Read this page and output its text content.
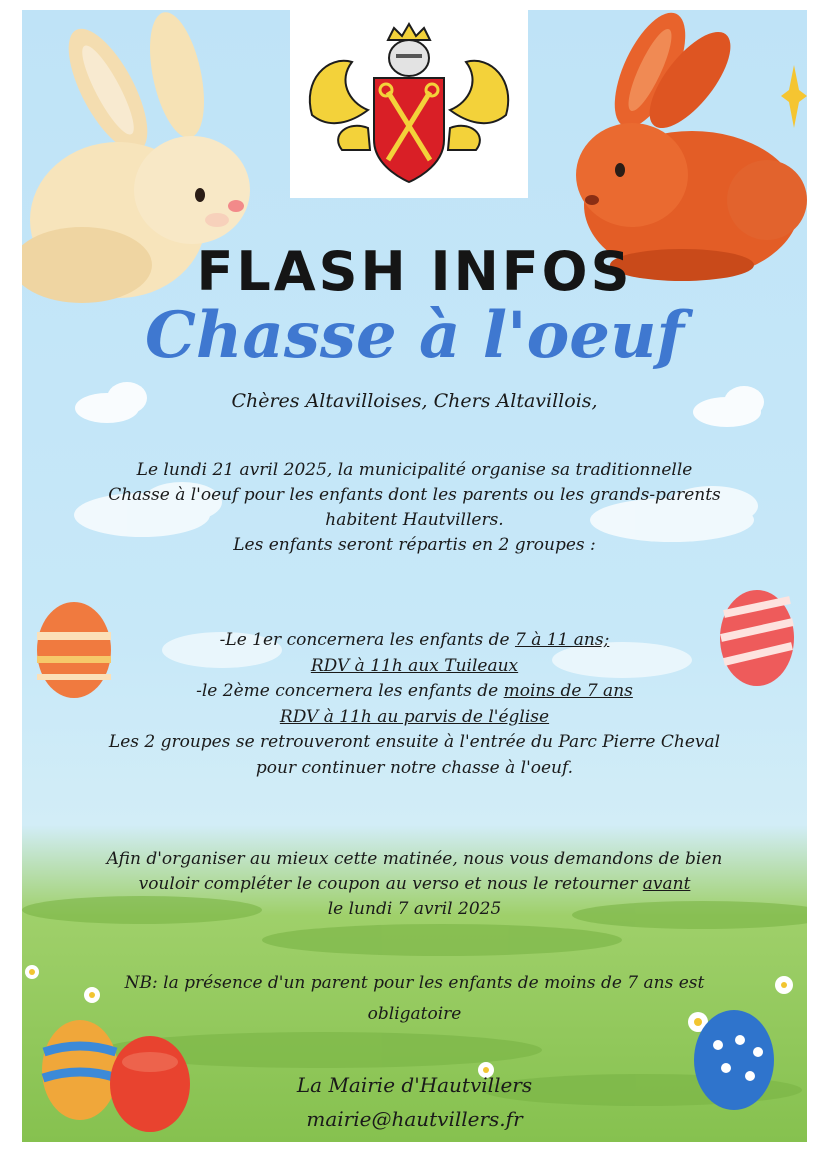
FLASH INFOS
Chasse à l'oeuf

Chères Altavilloises, Chers Altavillois,

Le lundi 21 avril 2025, la municipalité organise sa traditionnelle
Chasse à l'oeuf pour les enfants dont les parents ou les grands-parents
habitent Hautvillers.
Les enfants seront répartis en 2 groupes :
-Le 1er concernera les enfants de 7 à 11 ans;
RDV à 11h aux Tuileaux
-le 2ème concernera les enfants de moins de 7 ans
RDV à 11h au parvis de l'église
Les 2 groupes se retrouveront ensuite à l'entrée du Parc Pierre Cheval
pour continuer notre chasse à l'oeuf.
Afin d'organiser au mieux cette matinée, nous vous demandons de bien
vouloir compléter le coupon au verso et nous le retourner avant
le lundi 7 avril 2025
NB: la présence d'un parent pour les enfants de moins de 7 ans est
obligatoire
La Mairie d'Hautvillers
mairie@hautvillers.fr
